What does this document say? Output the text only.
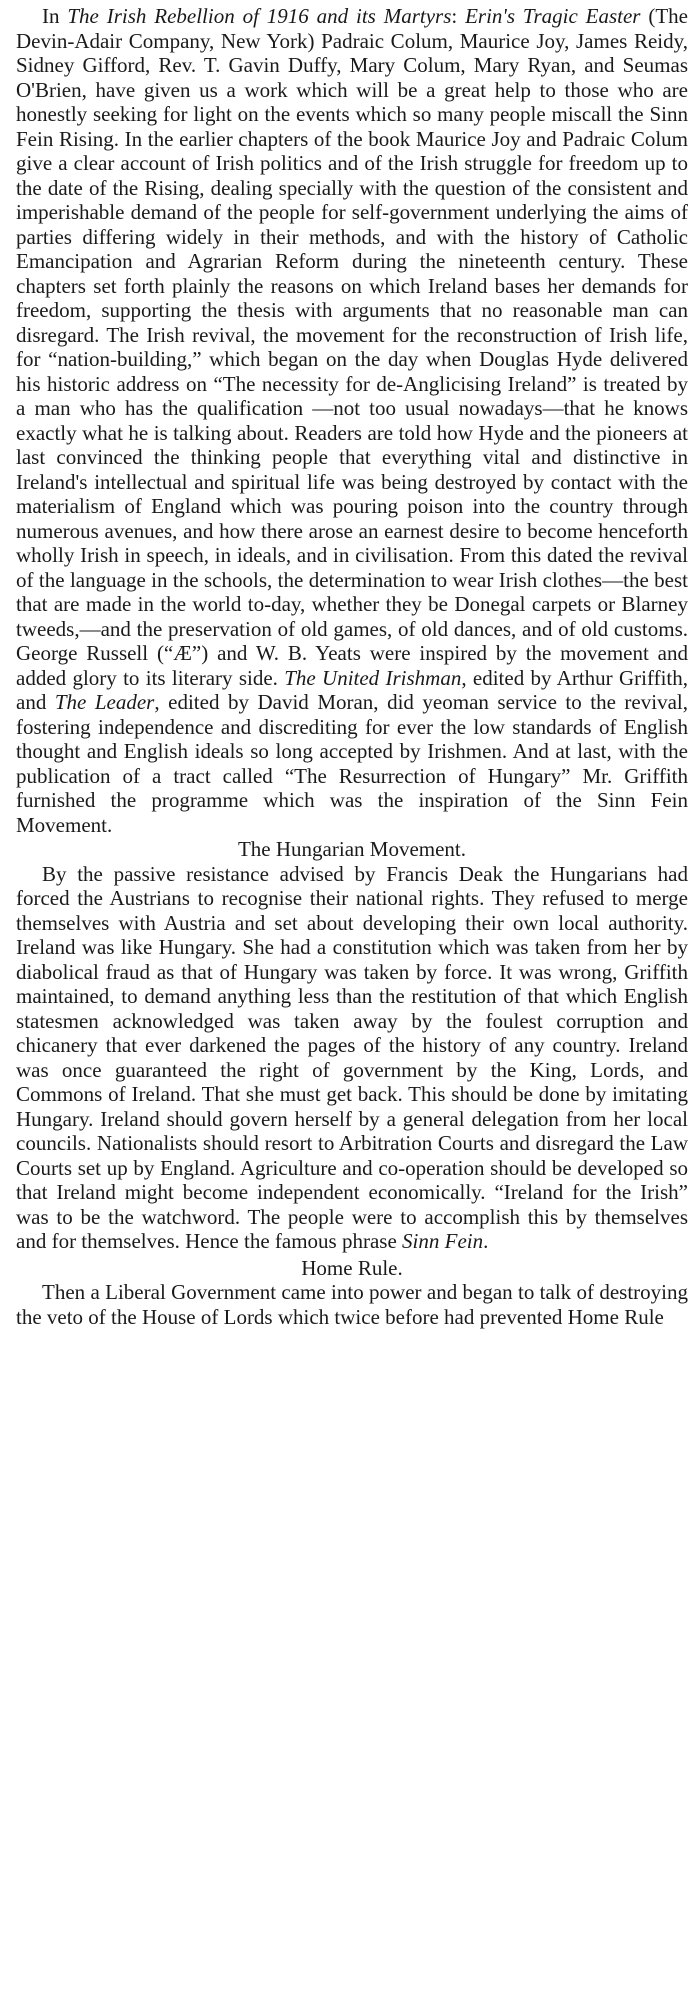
In The Irish Rebellion of 1916 and its Martyrs: Erin's Tragic Easter (The Devin-Adair Company, New York) Padraic Colum, Maurice Joy, James Reidy, Sidney Gifford, Rev. T. Gavin Duffy, Mary Colum, Mary Ryan, and Seumas O'Brien, have given us a work which will be a great help to those who are honestly seeking for light on the events which so many people miscall the Sinn Fein Rising. In the earlier chapters of the book Maurice Joy and Padraic Colum give a clear account of Irish politics and of the Irish struggle for freedom up to the date of the Rising, dealing specially with the question of the consistent and imperishable demand of the people for self-government underlying the aims of parties differing widely in their methods, and with the history of Catholic Emancipation and Agrarian Reform during the nineteenth century. These chapters set forth plainly the reasons on which Ireland bases her demands for freedom, supporting the thesis with arguments that no reasonable man can disregard. The Irish revival, the movement for the reconstruction of Irish life, for “nation-building,” which began on the day when Douglas Hyde delivered his historic address on “The necessity for de-Anglicising Ireland” is treated by a man who has the qualification —not too usual nowadays—that he knows exactly what he is talking about. Readers are told how Hyde and the pioneers at last convinced the thinking people that everything vital and distinctive in Ireland's intellectual and spiritual life was being destroyed by contact with the materialism of England which was pouring poison into the country through numerous avenues, and how there arose an earnest desire to become henceforth wholly Irish in speech, in ideals, and in civilisation. From this dated the revival of the language in the schools, the determination to wear Irish clothes—the best that are made in the world to-day, whether they be Donegal carpets or Blarney tweeds,—and the preservation of old games, of old dances, and of old customs. George Russell (“Æ”) and W. B. Yeats were inspired by the movement and added glory to its literary side. The United Irishman, edited by Arthur Griffith, and The Leader, edited by David Moran, did yeoman service to the revival, fostering independence and discrediting for ever the low standards of English thought and English ideals so long accepted by Irishmen. And at last, with the publication of a tract called “The Resurrection of Hungary” Mr. Griffith furnished the programme which was the inspiration of the Sinn Fein Movement.

The Hungarian Movement.

By the passive resistance advised by Francis Deak the Hungarians had forced the Austrians to recognise their national rights. They refused to merge themselves with Austria and set about developing their own local authority. Ireland was like Hungary. She had a constitution which was taken from her by diabolical fraud as that of Hungary was taken by force. It was wrong, Griffith maintained, to demand anything less than the restitution of that which English statesmen acknowledged was taken away by the foulest corruption and chicanery that ever darkened the pages of the history of any country. Ireland was once guaranteed the right of government by the King, Lords, and Commons of Ireland. That she must get back. This should be done by imitating Hungary. Ireland should govern herself by a general delegation from her local councils. Nationalists should resort to Arbitration Courts and disregard the Law Courts set up by England. Agriculture and co-operation should be developed so that Ireland might become independent economically. “Ireland for the Irish” was to be the watchword. The people were to accomplish this by themselves and for themselves. Hence the famous phrase Sinn Fein.

Home Rule.

Then a Liberal Government came into power and began to talk of destroying the veto of the House of Lords which twice before had prevented Home Rule
